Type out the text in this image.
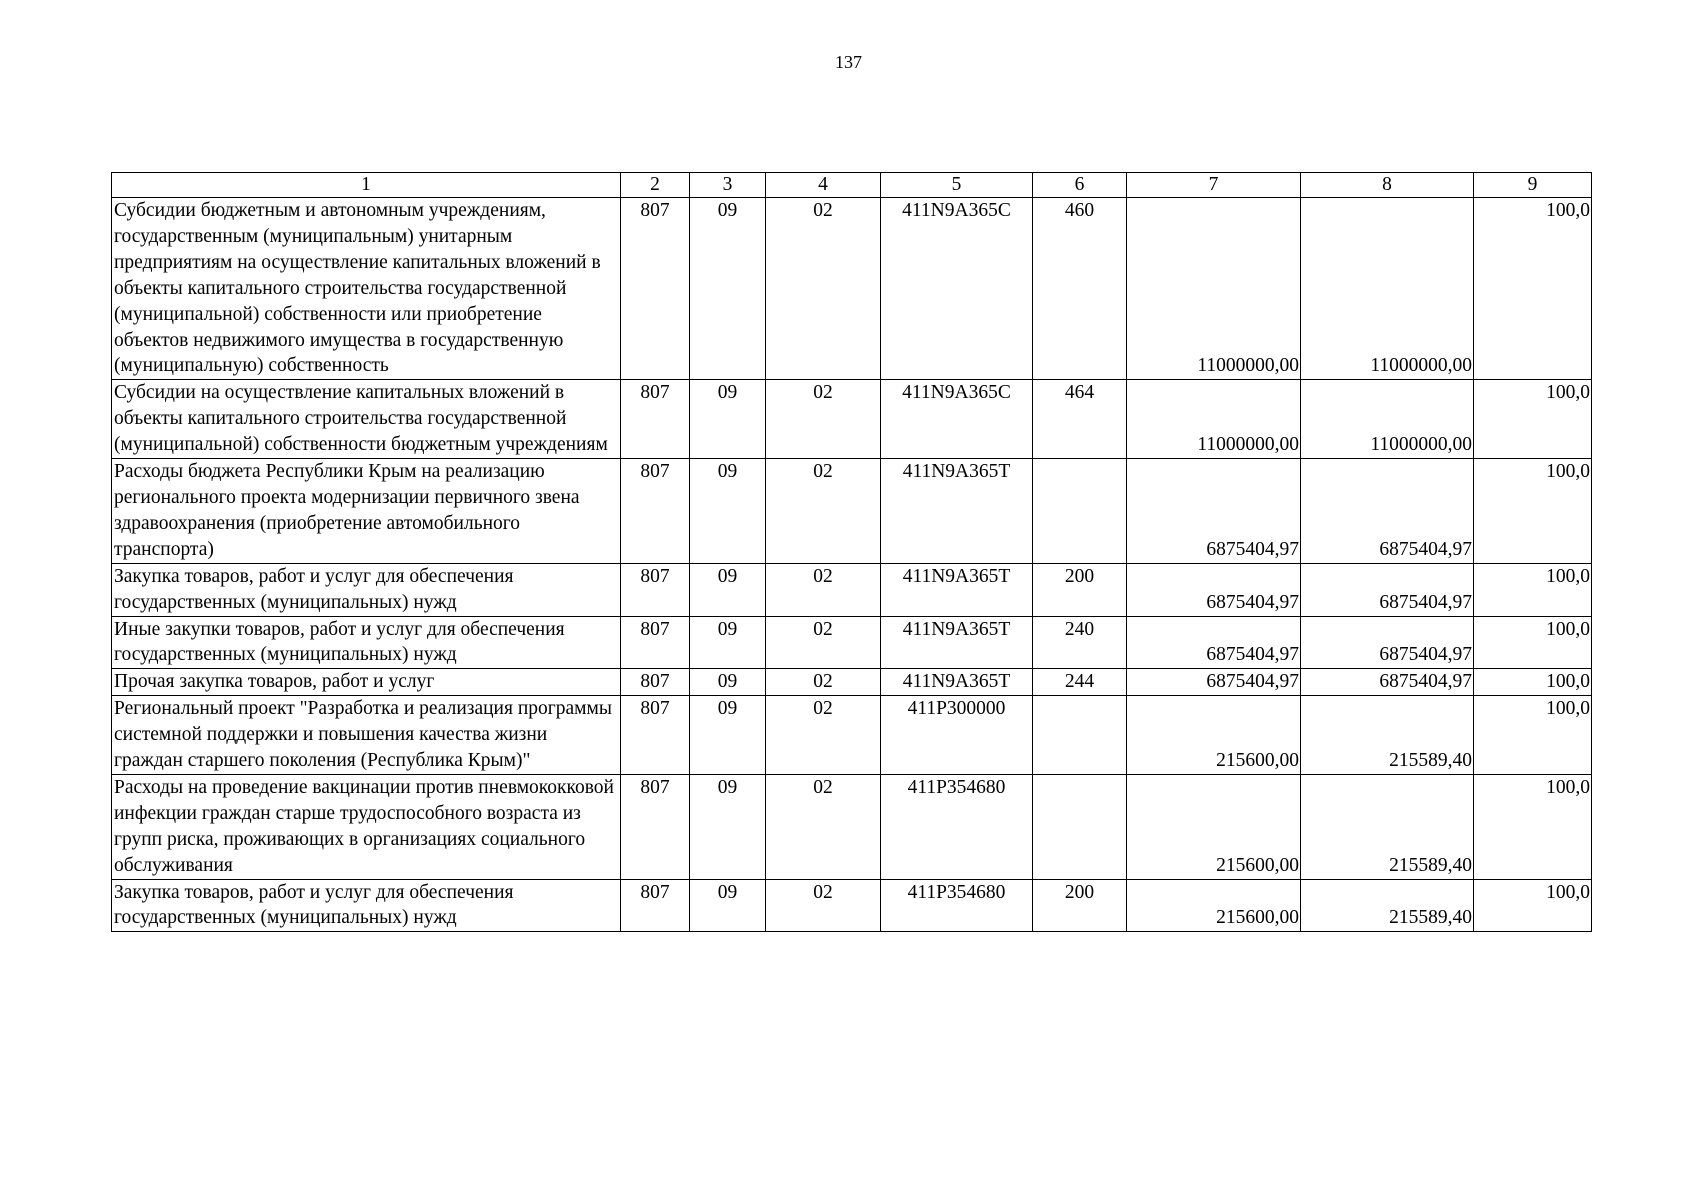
137
1	2	3	4	5	6	7	8	9
Субсидии бюджетным и автономным учреждениям, государственным (муниципальным) унитарным предприятиям на осуществление капитальных вложений в объекты капитального строительства государственной (муниципальной) собственности или приобретение объектов недвижимого имущества в государственную (муниципальную) собственность	807	09	02	411N9A365C	460	11000000,00	11000000,00	100,0
Субсидии на осуществление капитальных вложений в объекты капитального строительства государственной (муниципальной) собственности бюджетным учреждениям	807	09	02	411N9A365C	464	11000000,00	11000000,00	100,0
Расходы бюджета Республики Крым на реализацию регионального проекта модернизации первичного звена здравоохранения (приобретение автомобильного транспорта)	807	09	02	411N9A365T		6875404,97	6875404,97	100,0
Закупка товаров, работ и услуг для обеспечения государственных (муниципальных) нужд	807	09	02	411N9A365T	200	6875404,97	6875404,97	100,0
Иные закупки товаров, работ и услуг для обеспечения государственных (муниципальных) нужд	807	09	02	411N9A365T	240	6875404,97	6875404,97	100,0
Прочая закупка товаров, работ и услуг	807	09	02	411N9A365T	244	6875404,97	6875404,97	100,0
Региональный проект "Разработка и реализация программы системной поддержки и повышения качества жизни граждан старшего поколения (Республика Крым)"	807	09	02	411P300000		215600,00	215589,40	100,0
Расходы на проведение вакцинации против пневмококковой инфекции граждан старше трудоспособного возраста из групп риска, проживающих в организациях социального обслуживания	807	09	02	411P354680		215600,00	215589,40	100,0
Закупка товаров, работ и услуг для обеспечения государственных (муниципальных) нужд	807	09	02	411P354680	200	215600,00	215589,40	100,0
